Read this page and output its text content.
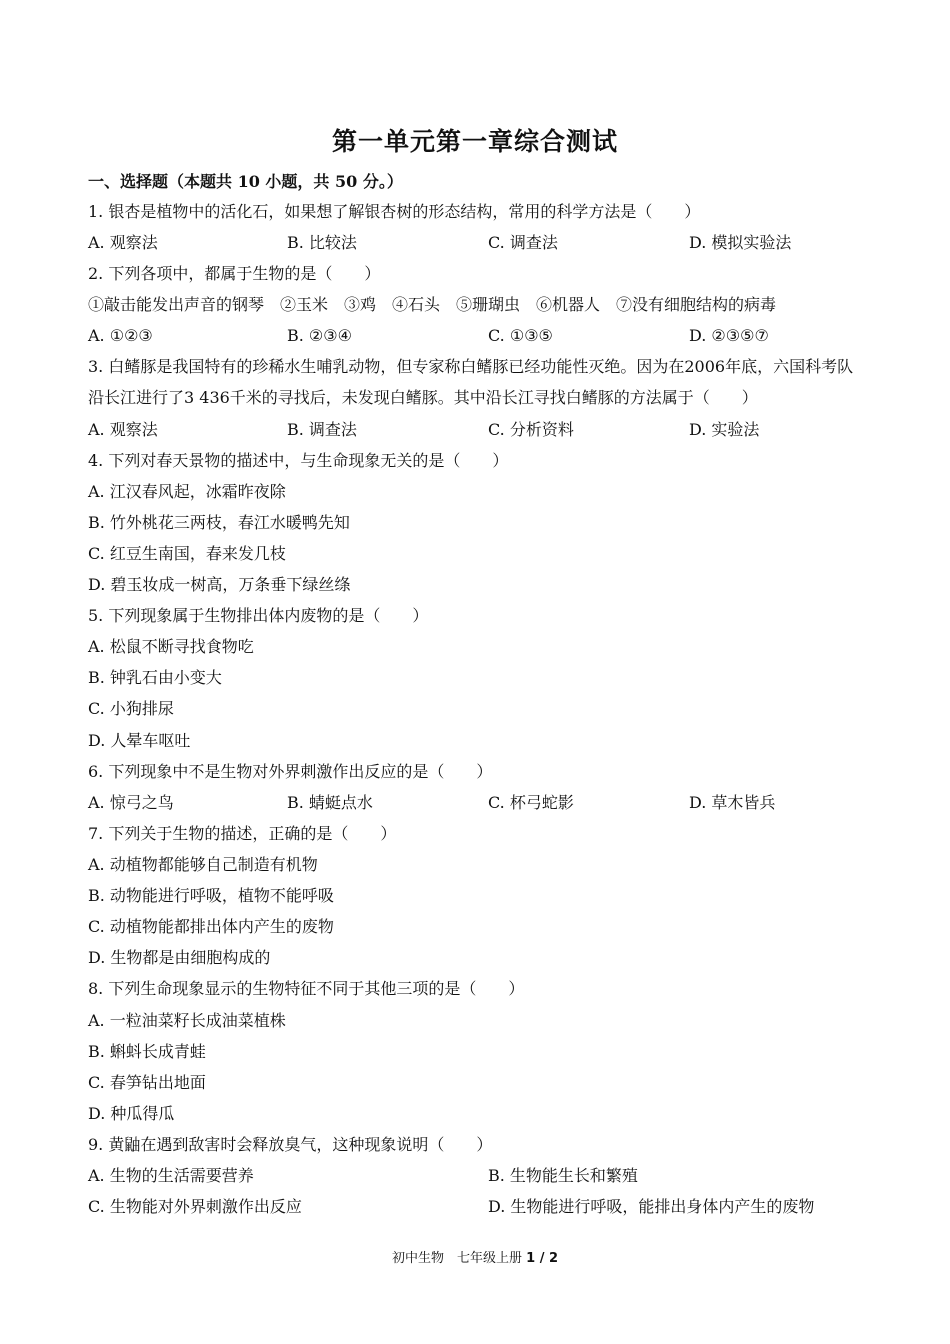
第一单元第一章综合测试
一、选择题（本题共 10 小题，共 50 分。）
1. 银杏是植物中的活化石，如果想了解银杏树的形态结构，常用的科学方法是（　　）
A. 观察法	B. 比较法	C. 调查法	D. 模拟实验法
2. 下列各项中，都属于生物的是（　　）
①敲击能发出声音的钢琴　②玉米　③鸡　④石头　⑤珊瑚虫　⑥机器人　⑦没有细胞结构的病毒
A. ①②③	B. ②③④	C. ①③⑤	D. ②③⑤⑦
3. 白鳍豚是我国特有的珍稀水生哺乳动物，但专家称白鳍豚已经功能性灭绝。因为在2006年底，六国科考队
沿长江进行了3 436千米的寻找后，未发现白鳍豚。其中沿长江寻找白鳍豚的方法属于（　　）
A. 观察法	B. 调查法	C. 分析资料	D. 实验法
4. 下列对春天景物的描述中，与生命现象无关的是（　　）
A. 江汉春风起，冰霜昨夜除
B. 竹外桃花三两枝，春江水暖鸭先知
C. 红豆生南国，春来发几枝
D. 碧玉妆成一树高，万条垂下绿丝绦
5. 下列现象属于生物排出体内废物的是（　　）
A. 松鼠不断寻找食物吃
B. 钟乳石由小变大
C. 小狗排尿
D. 人晕车呕吐
6. 下列现象中不是生物对外界刺激作出反应的是（　　）
A. 惊弓之鸟	B. 蜻蜓点水	C. 杯弓蛇影	D. 草木皆兵
7. 下列关于生物的描述，正确的是（　　）
A. 动植物都能够自己制造有机物
B. 动物能进行呼吸，植物不能呼吸
C. 动植物能都排出体内产生的废物
D. 生物都是由细胞构成的
8. 下列生命现象显示的生物特征不同于其他三项的是（　　）
A. 一粒油菜籽长成油菜植株
B. 蝌蚪长成青蛙
C. 春笋钻出地面
D. 种瓜得瓜
9. 黄鼬在遇到敌害时会释放臭气，这种现象说明（　　）
A. 生物的生活需要营养	B. 生物能生长和繁殖
C. 生物能对外界刺激作出反应	D. 生物能进行呼吸，能排出身体内产生的废物
初中生物　七年级上册 1 / 2
